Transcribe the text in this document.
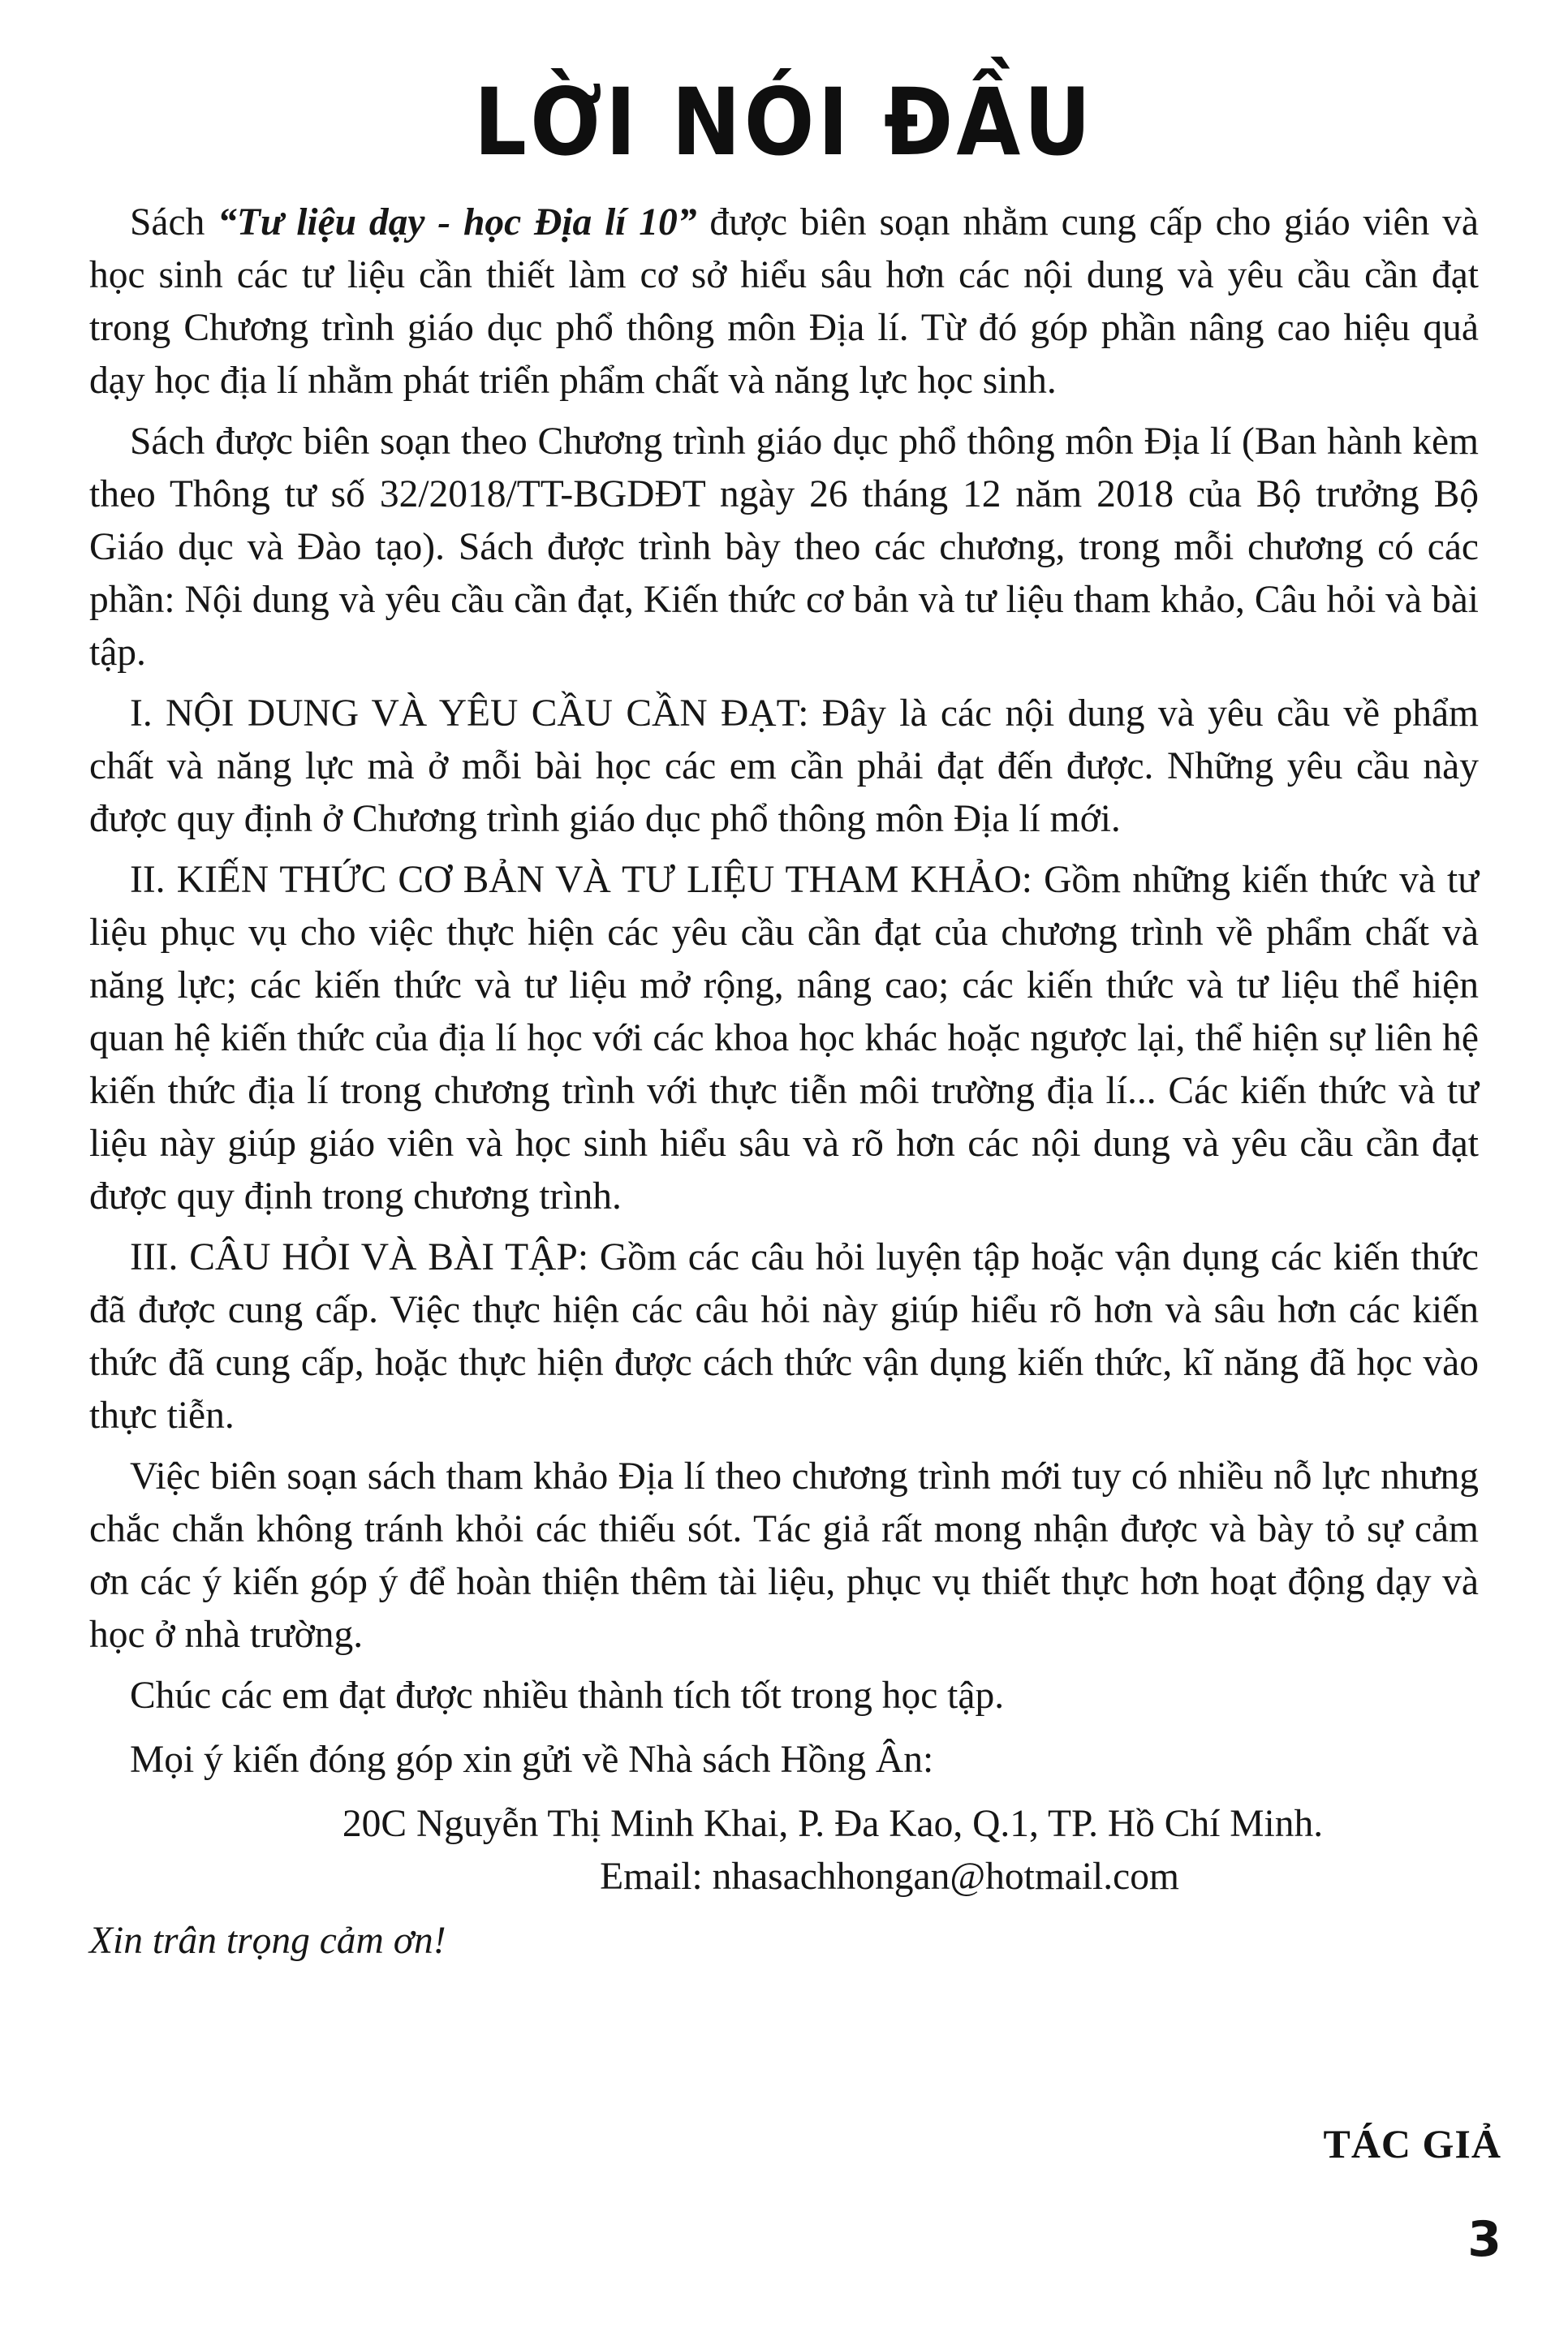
LỜI NÓI ĐẦU

Sách “Tư liệu dạy - học Địa lí 10” được biên soạn nhằm cung cấp cho giáo viên và học sinh các tư liệu cần thiết làm cơ sở hiểu sâu hơn các nội dung và yêu cầu cần đạt trong Chương trình giáo dục phổ thông môn Địa lí. Từ đó góp phần nâng cao hiệu quả dạy học địa lí nhằm phát triển phẩm chất và năng lực học sinh.

Sách được biên soạn theo Chương trình giáo dục phổ thông môn Địa lí (Ban hành kèm theo Thông tư số 32/2018/TT-BGDĐT ngày 26 tháng 12 năm 2018 của Bộ trưởng Bộ Giáo dục và Đào tạo). Sách được trình bày theo các chương, trong mỗi chương có các phần: Nội dung và yêu cầu cần đạt, Kiến thức cơ bản và tư liệu tham khảo, Câu hỏi và bài tập.

I. NỘI DUNG VÀ YÊU CẦU CẦN ĐẠT: Đây là các nội dung và yêu cầu về phẩm chất và năng lực mà ở mỗi bài học các em cần phải đạt đến được. Những yêu cầu này được quy định ở Chương trình giáo dục phổ thông môn Địa lí mới.

II. KIẾN THỨC CƠ BẢN VÀ TƯ LIỆU THAM KHẢO: Gồm những kiến thức và tư liệu phục vụ cho việc thực hiện các yêu cầu cần đạt của chương trình về phẩm chất và năng lực; các kiến thức và tư liệu mở rộng, nâng cao; các kiến thức và tư liệu thể hiện quan hệ kiến thức của địa lí học với các khoa học khác hoặc ngược lại, thể hiện sự liên hệ kiến thức địa lí trong chương trình với thực tiễn môi trường địa lí... Các kiến thức và tư liệu này giúp giáo viên và học sinh hiểu sâu và rõ hơn các nội dung và yêu cầu cần đạt được quy định trong chương trình.

III. CÂU HỎI VÀ BÀI TẬP: Gồm các câu hỏi luyện tập hoặc vận dụng các kiến thức đã được cung cấp. Việc thực hiện các câu hỏi này giúp hiểu rõ hơn và sâu hơn các kiến thức đã cung cấp, hoặc thực hiện được cách thức vận dụng kiến thức, kĩ năng đã học vào thực tiễn.

Việc biên soạn sách tham khảo Địa lí theo chương trình mới tuy có nhiều nỗ lực nhưng chắc chắn không tránh khỏi các thiếu sót. Tác giả rất mong nhận được và bày tỏ sự cảm ơn các ý kiến góp ý để hoàn thiện thêm tài liệu, phục vụ thiết thực hơn hoạt động dạy và học ở nhà trường.

Chúc các em đạt được nhiều thành tích tốt trong học tập.

Mọi ý kiến đóng góp xin gửi về Nhà sách Hồng Ân:

20C Nguyễn Thị Minh Khai, P. Đa Kao, Q.1, TP. Hồ Chí Minh.

Email: nhasachhongan@hotmail.com

Xin trân trọng cảm ơn!

TÁC GIẢ
3
